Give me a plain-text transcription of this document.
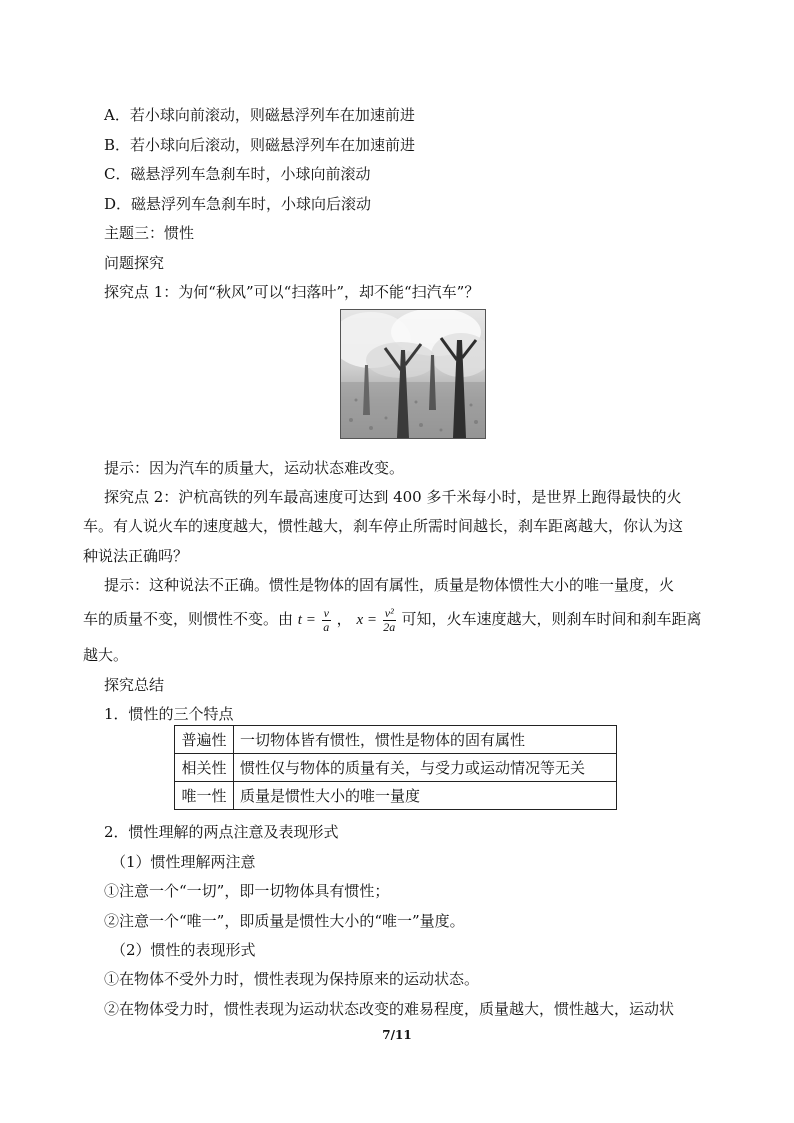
A．若小球向前滚动，则磁悬浮列车在加速前进
B．若小球向后滚动，则磁悬浮列车在加速前进
C．磁悬浮列车急刹车时，小球向前滚动
D．磁悬浮列车急刹车时，小球向后滚动
主题三：惯性
问题探究
探究点 1：为何“秋风”可以“扫落叶”，却不能“扫汽车”？
提示：因为汽车的质量大，运动状态难改变。
探究点 2：沪杭高铁的列车最高速度可达到 400 多千米每小时，是世界上跑得最快的火
车。有人说火车的速度越大，惯性越大，刹车停止所需时间越长，刹车距离越大，你认为这
种说法正确吗？
提示：这种说法不正确。惯性是物体的固有属性，质量是物体惯性大小的唯一量度，火
车的质量不变，则惯性不变。由 $t = \frac{v}{a}$ ， $x = \frac{\text{v²}}{2a}$ 可知，火车速度越大，则刹车时间和刹车距离
越大。
探究总结
1．惯性的三个特点
普遍性	一切物体皆有惯性，惯性是物体的固有属性
相关性	惯性仅与物体的质量有关，与受力或运动情况等无关
唯一性	质量是惯性大小的唯一量度
2．惯性理解的两点注意及表现形式
（1）惯性理解两注意
①注意一个“一切”，即一切物体具有惯性；
②注意一个“唯一”，即质量是惯性大小的“唯一”量度。
（2）惯性的表现形式
①在物体不受外力时，惯性表现为保持原来的运动状态。
②在物体受力时，惯性表现为运动状态改变的难易程度，质量越大，惯性越大，运动状
7/11
